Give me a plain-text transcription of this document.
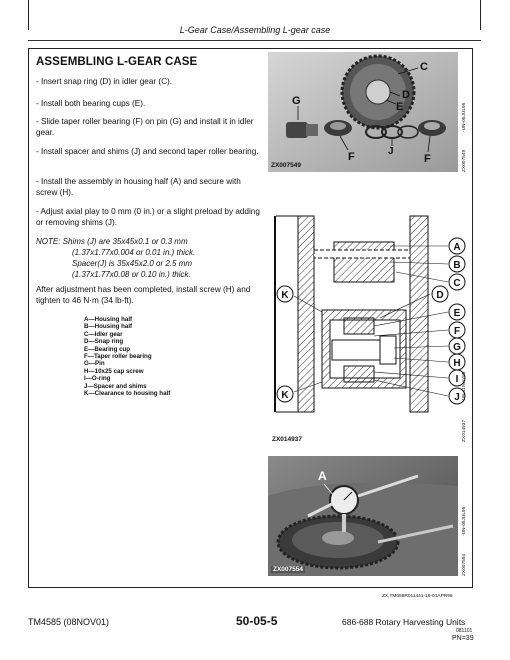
L-Gear Case/Assembling L-gear case
ASSEMBLING L-GEAR CASE
- Insert snap ring (D) in idler gear (C).
- Install both bearing cups (E).
- Slide taper roller bearing (F) on pin (G) and install it in idler gear.
- Install spacer and shims (J) and second taper roller bearing.
- Install the assembly in housing half (A) and secure with screw (H).
- Adjust axial play to 0 mm (0 in.) or a slight preload by adding or removing shims (J).
NOTE: Shims (J) are 35x45x0.1 or 0.3 mm
(1.37x1.77x0.004 or 0.01 in.) thick.
Spacer(J) is 35x45x2.0 or 2.5 mm
(1.37x1.77x0.08 or 0.10 in.) thick.
After adjustment has been completed, install screw (H) and tighten to 46 N·m (34 lb-ft).
A—Housing half
B—Housing half
C—Idler gear
D—Snap ring
E—Bearing cup
F—Taper roller bearing
G—Pin
H—10x25 cap screw
I—O-ring
J—Spacer and shims
K—Clearance to housing half
C
D
E
G
J
F	F
ZX007549
-UN-05JUL95
ZX007549
A
B
C
D
E
F
G
H
I
J
K
K
ZX014937
-UN-11MAY98
ZX014937
A
ZX007554
-UN-05JUL95
ZX007554
ZX,TM688R011441-19-01APR98
TM4585 (08NOV01)	50-05-5	686-688 Rotary Harvesting Units
081101
PN=39
